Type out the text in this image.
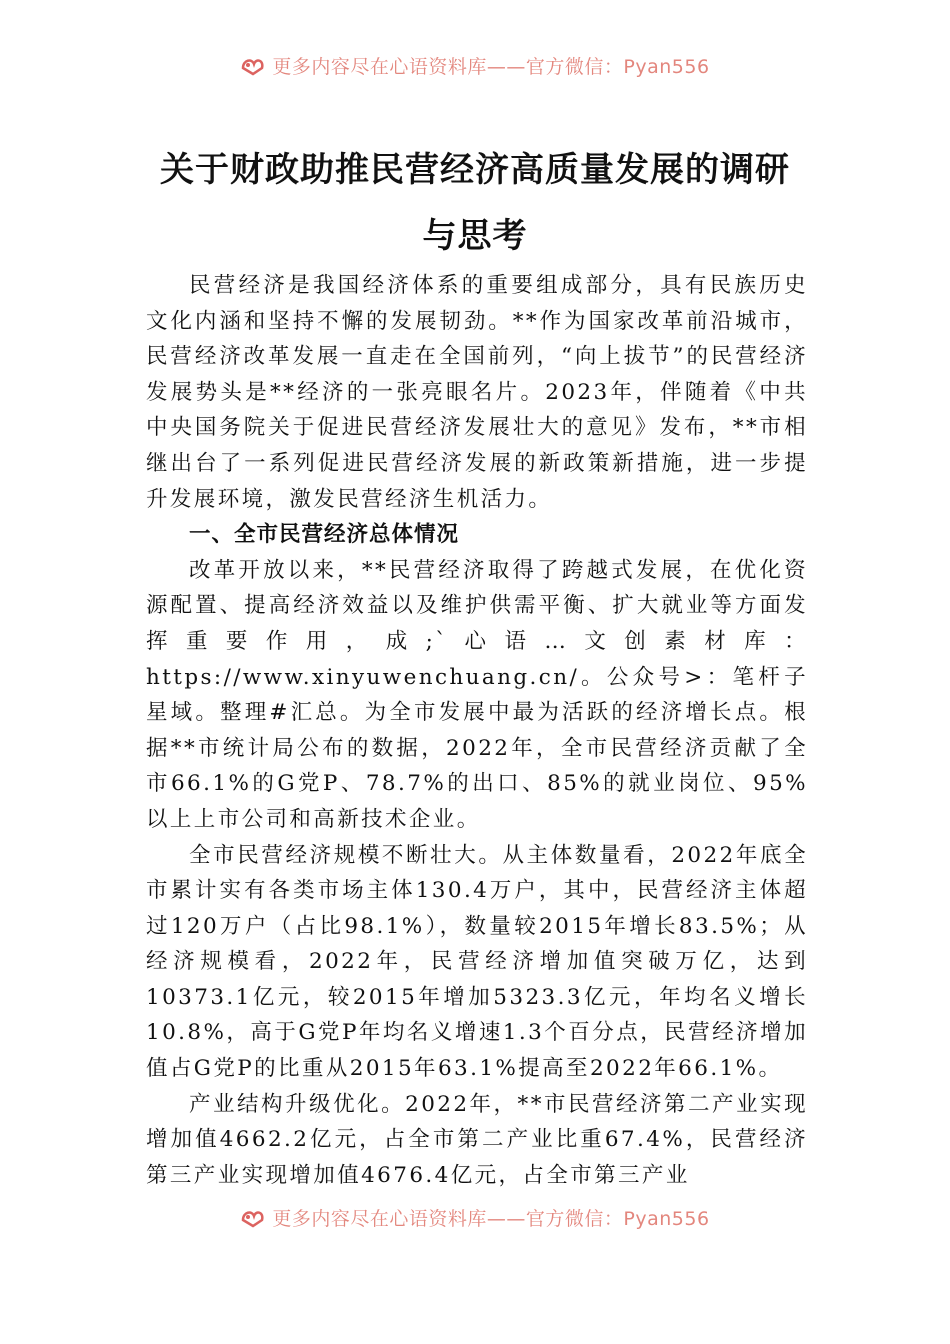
更多内容尽在心语资料库——官方微信：Pyan556
关于财政助推民营经济高质量发展的调研
与思考

民营经济是我国经济体系的重要组成部分，具有民族历史文化内涵和坚持不懈的发展韧劲。**作为国家改革前沿城市，民营经济改革发展一直走在全国前列，“向上拔节”的民营经济发展势头是**经济的一张亮眼名片。2023年，伴随着《中共中央国务院关于促进民营经济发展壮大的意见》发布，**市相继出台了一系列促进民营经济发展的新政策新措施，进一步提升发展环境，激发民营经济生机活力。

一、全市民营经济总体情况

改革开放以来，**民营经济取得了跨越式发展，在优化资源配置、提高经济效益以及维护供需平衡、扩大就业等方面发挥重要作用，成;`心语…文创素材库：https://www.xinyuwenchuang.cn/。公众号>：笔杆子星域。整理#汇总。为全市发展中最为活跃的经济增长点。根据**市统计局公布的数据，2022年，全市民营经济贡献了全市66.1%的G党P、78.7%的出口、85%的就业岗位、95%以上上市公司和高新技术企业。

全市民营经济规模不断壮大。从主体数量看，2022年底全市累计实有各类市场主体130.4万户，其中，民营经济主体超过120万户（占比98.1%），数量较2015年增长83.5%；从经济规模看，2022年，民营经济增加值突破万亿，达到10373.1亿元，较2015年增加5323.3亿元，年均名义增长10.8%，高于G党P年均名义增速1.3个百分点，民营经济增加值占G党P的比重从2015年63.1%提高至2022年66.1%。

产业结构升级优化。2022年，**市民营经济第二产业实现增加值4662.2亿元，占全市第二产业比重67.4%，民营经济第三产业实现增加值4676.4亿元，占全市第三产业

更多内容尽在心语资料库——官方微信：Pyan556
